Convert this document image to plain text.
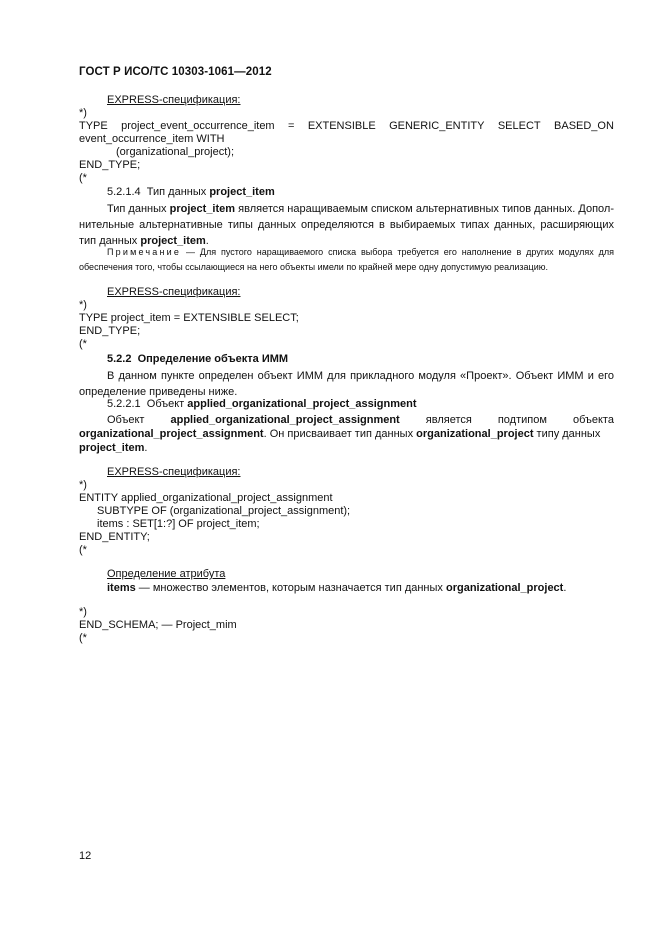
ГОСТ Р ИСО/ТС 10303-1061—2012
EXPRESS-спецификация:
*)
TYPE project_event_occurrence_item = EXTENSIBLE GENERIC_ENTITY SELECT BASED_ON
event_occurrence_item WITH
(organizational_project);
END_TYPE;
(*
5.2.1.4 Тип данных project_item
Тип данных project_item является наращиваемым списком альтернативных типов данных. Допол- нительные альтернативные типы данных определяются в выбираемых типах данных, расширяющих тип данных project_item.
Примечание — Для пустого наращиваемого списка выбора требуется его наполнение в других модулях для обеспечения того, чтобы ссылающиеся на него объекты имели по крайней мере одну допустимую реализацию.
EXPRESS-спецификация:
*)
TYPE project_item = EXTENSIBLE SELECT;
END_TYPE;
(*
5.2.2 Определение объекта ИММ
В данном пункте определен объект ИММ для прикладного модуля «Проект». Объект ИММ и его определение приведены ниже.
5.2.2.1 Объект applied_organizational_project_assignment
Объект applied_organizational_project_assignment является подтипом объекта
organizational_project_assignment. Он присваивает тип данных organizational_project типу данных
project_item.
EXPRESS-спецификация:
*)
ENTITY applied_organizational_project_assignment
SUBTYPE OF (organizational_project_assignment);
items : SET[1:?] OF project_item;
END_ENTITY;
(*
Определение атрибута
items — множество элементов, которым назначается тип данных organizational_project.
*)
END_SCHEMA; — Project_mim
(*
12
